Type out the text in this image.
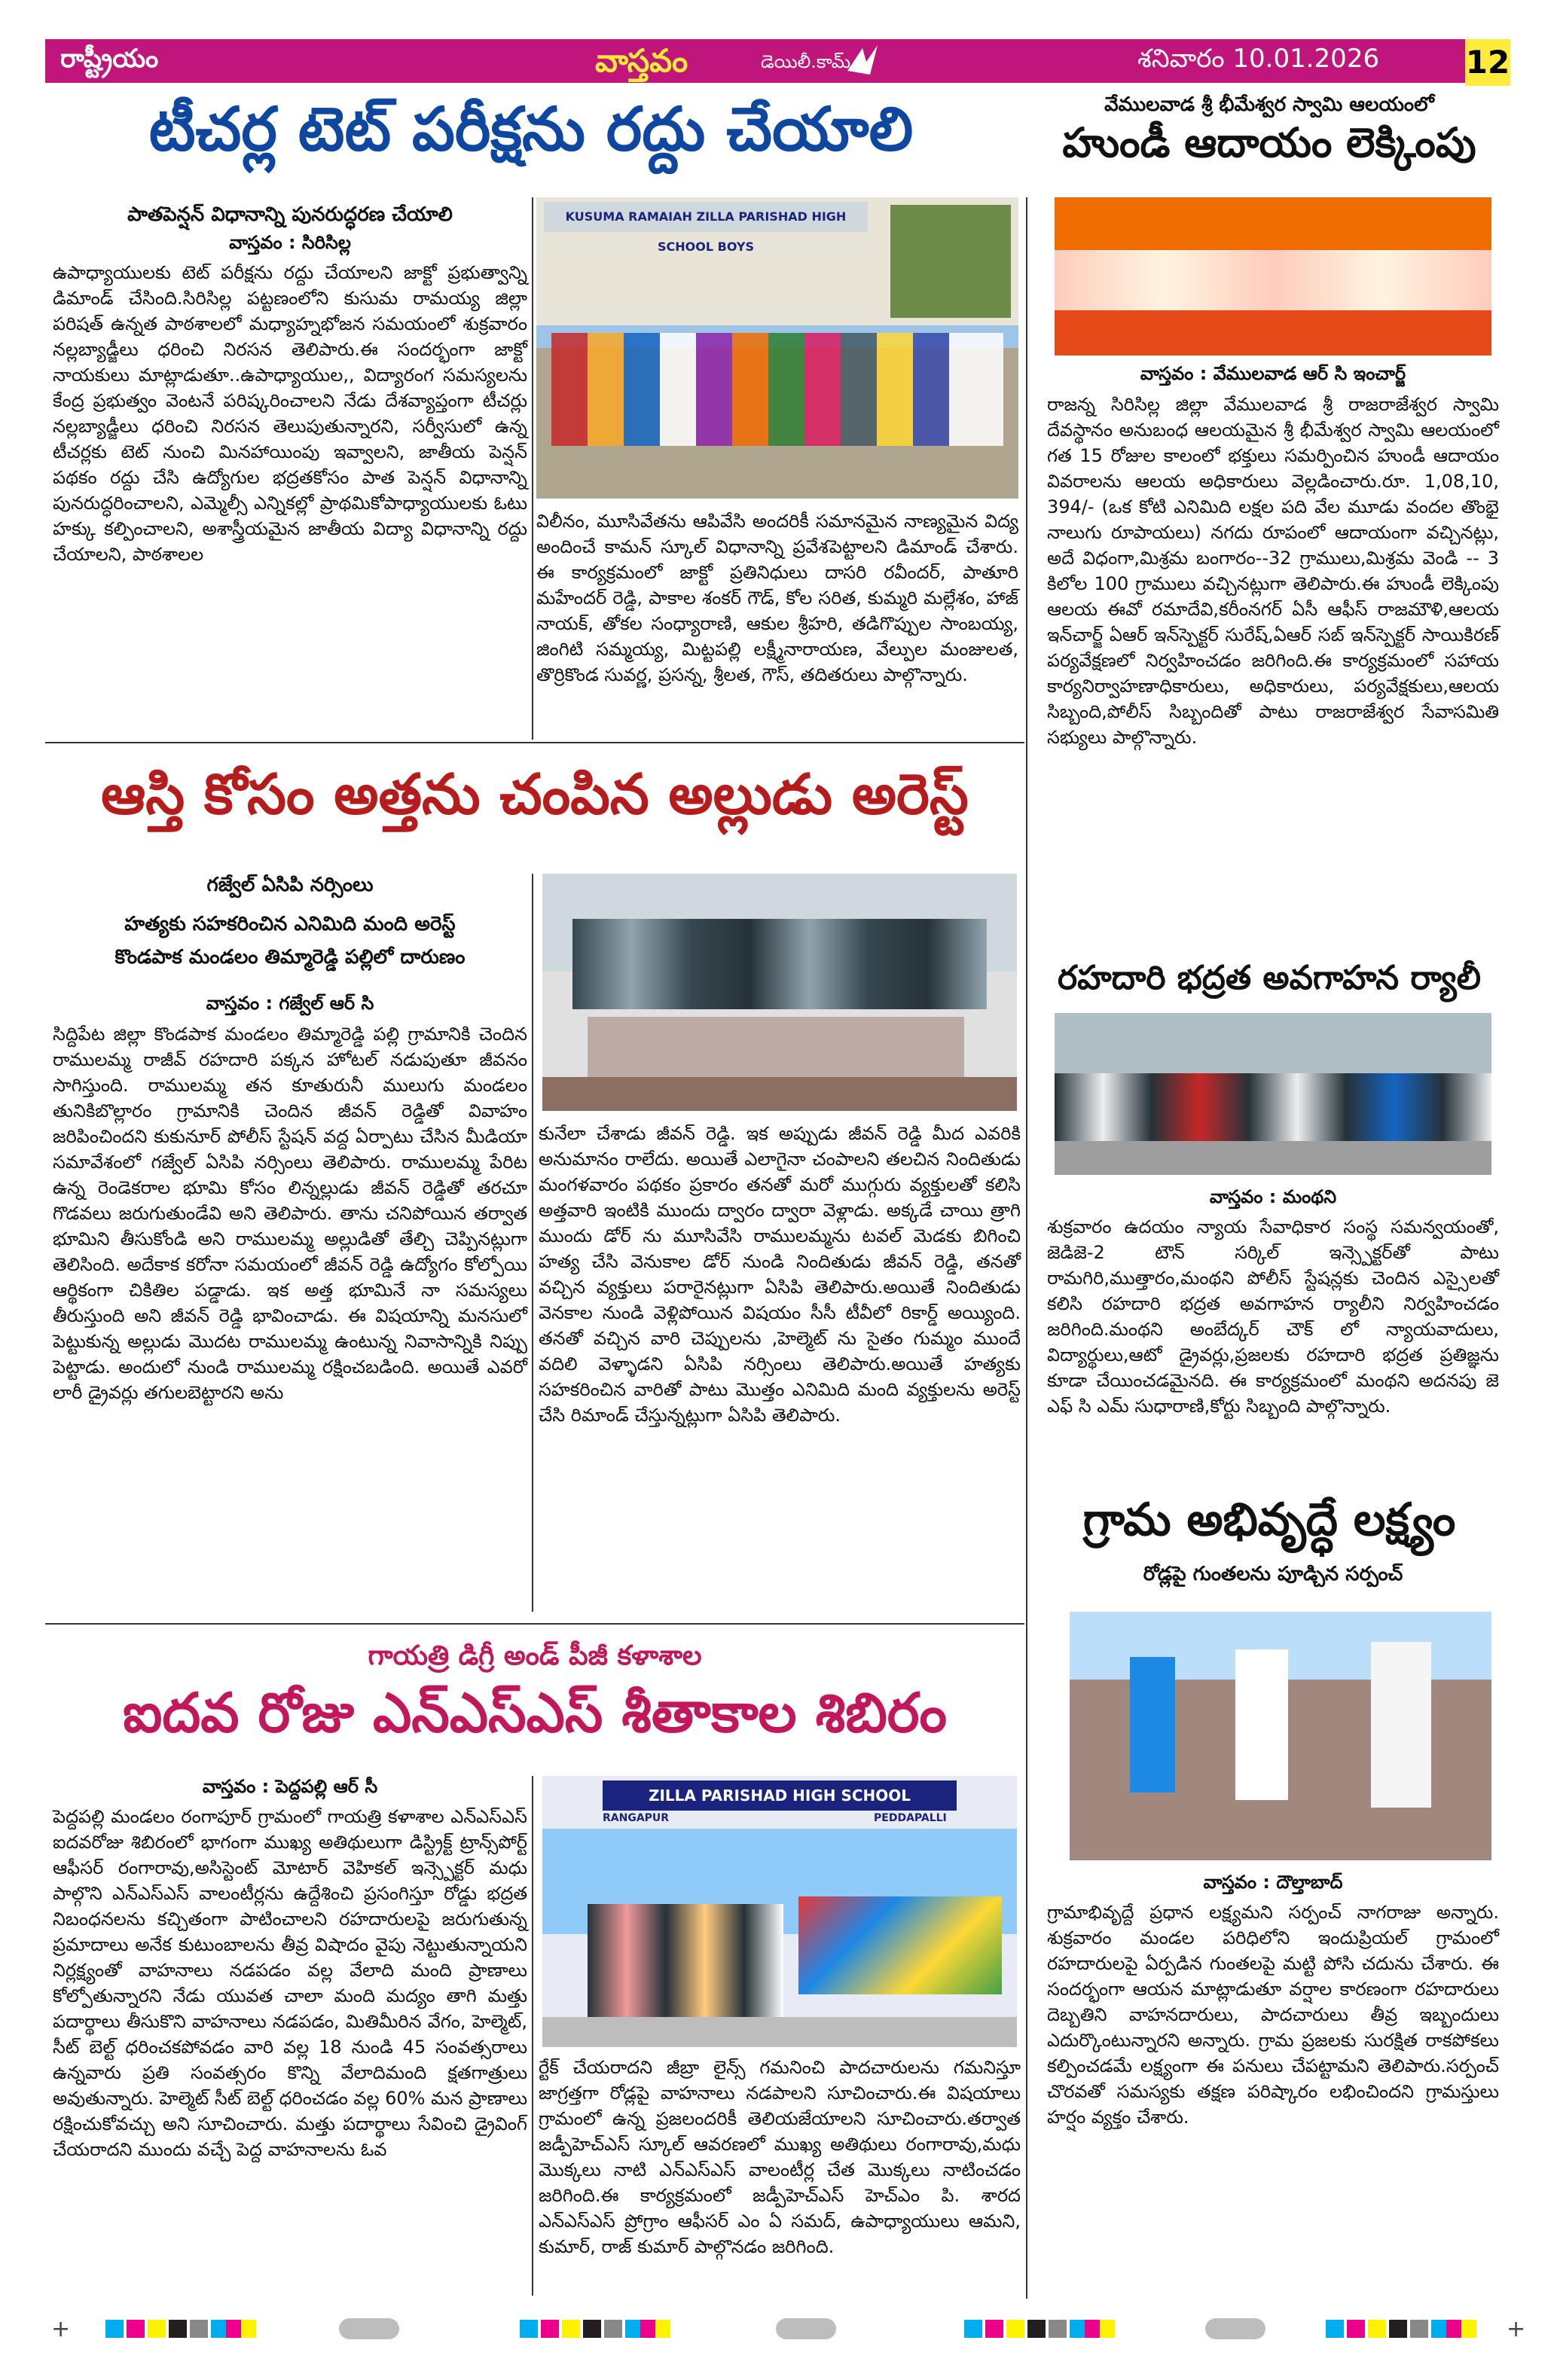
రాష్ట్రీయం	వాస్తవం	డెయిలీ.కామ్	శనివారం 10.01.2026	12
టీచర్ల టెట్ పరీక్షను రద్దు చేయాలి
పాతపెన్షన్ విధానాన్ని పునరుద్ధరణ చేయాలి
వాస్తవం : సిరిసిల్ల
KUSUMA RAMAIAH ZILLA PARISHAD HIGH SCHOOL BOYS

ఉపాధ్యాయులకు టెట్ పరీక్షను రద్దు చేయాలని జాక్టో ప్రభుత్వాన్ని డిమాండ్ చేసింది.సిరిసిల్ల పట్టణంలోని కుసుమ రామయ్య జిల్లా పరిషత్ ఉన్నత పాఠశాలలో మధ్యాహ్నభోజన సమయంలో శుక్రవారం నల్లబ్యాడ్జీలు ధరించి నిరసన తెలిపారు.ఈ సందర్భంగా జాక్టో నాయకులు మాట్లాడుతూ..ఉపాధ్యాయుల,, విద్యారంగ సమస్యలను కేంద్ర ప్రభుత్వం వెంటనే పరిష్కరించాలని నేడు దేశవ్యాప్తంగా టీచర్లు నల్లబ్యాడ్జీలు ధరించి నిరసన తెలుపుతున్నారని, సర్వీసులో ఉన్న టీచర్లకు టెట్ నుంచి మినహాయింపు ఇవ్వాలని, జాతీయ పెన్షన్ పథకం రద్దు చేసి ఉద్యోగుల భద్రతకోసం పాత పెన్షన్ విధానాన్ని పునరుద్ధరించాలని, ఎమ్మెల్సీ ఎన్నికల్లో ప్రాథమికోపాధ్యాయులకు ఓటు హక్కు కల్పించాలని, అశాస్త్రీయమైన జాతీయ విద్యా విధానాన్ని రద్దు చేయాలని, పాఠశాలల

విలీనం, మూసివేతను ఆపివేసి అందరికీ సమానమైన నాణ్యమైన విద్య అందించే కామన్ స్కూల్ విధానాన్ని ప్రవేశపెట్టాలని డిమాండ్ చేశారు. ఈ కార్యక్రమంలో జాక్టో ప్రతినిధులు దాసరి రవీందర్, పాతూరి మహేందర్ రెడ్డి, పాకాల శంకర్ గౌడ్, కోల సరిత, కుమ్మరి మల్లేశం, హాజ్ నాయక్, తోకల సంధ్యారాణి, ఆకుల శ్రీహరి, తడిగొప్పుల సాంబయ్య, జింగిటి సమ్మయ్య, మిట్టపల్లి లక్ష్మీనారాయణ, వేల్పుల మంజులత, తొర్రికొండ సువర్ణ, ప్రసన్న, శ్రీలత, గౌస్, తదితరులు పాల్గొన్నారు.

వేములవాడ శ్రీ భీమేశ్వర స్వామి ఆలయంలో
హుండీ ఆదాయం లెక్కింపు
వాస్తవం : వేములవాడ ఆర్ సి ఇంచార్జ్

రాజన్న సిరిసిల్ల జిల్లా వేములవాడ శ్రీ రాజరాజేశ్వర స్వామి దేవస్థానం అనుబంధ ఆలయమైన శ్రీ భీమేశ్వర స్వామి ఆలయంలో గత 15 రోజుల కాలంలో భక్తులు సమర్పించిన హుండీ ఆదాయం వివరాలను ఆలయ అధికారులు వెల్లడించారు.రూ. 1,08,10, 394/- (ఒక కోటి ఎనిమిది లక్షల పది వేల మూడు వందల తొంభై నాలుగు రూపాయలు) నగదు రూపంలో ఆదాయంగా వచ్చినట్లు, అదే విధంగా,మిశ్రమ బంగారం--32 గ్రాములు,మిశ్రమ వెండి -- 3 కిలోల 100 గ్రాములు వచ్చినట్లుగా తెలిపారు.ఈ హుండీ లెక్కింపు ఆలయ ఈవో రమాదేవి,కరీంనగర్ ఏసీ ఆఫీస్ రాజమౌళి,ఆలయ ఇన్‌చార్జ్ ఏఆర్ ఇన్‌స్పెక్టర్ సురేష్,ఏఆర్ సబ్ ఇన్‌స్పెక్టర్ సాయికిరణ్ పర్యవేక్షణలో నిర్వహించడం జరిగింది.ఈ కార్యక్రమంలో సహాయ కార్యనిర్వాహణాధికారులు, అధికారులు, పర్యవేక్షకులు,ఆలయ సిబ్బంది,పోలీస్ సిబ్బందితో పాటు రాజరాజేశ్వర సేవాసమితి సభ్యులు పాల్గొన్నారు.

రహదారి భద్రత అవగాహన ర్యాలీ
వాస్తవం : మంథని

శుక్రవారం ఉదయం న్యాయ సేవాధికార సంస్థ సమన్వయంతో, జెడిజె-2 టౌన్ సర్కిల్ ఇన్స్పెక్టర్‌తో పాటు రామగిరి,ముత్తారం,మంథని పోలీస్ స్టేషన్లకు చెందిన ఎస్సైలతో కలిసి రహదారి భద్రత అవగాహన ర్యాలీని నిర్వహించడం జరిగింది.మంథని అంబేద్కర్ చౌక్ లో న్యాయవాదులు, విద్యార్థులు,ఆటో డ్రైవర్లు,ప్రజలకు రహదారి భద్రత ప్రతిజ్ఞను కూడా చేయించడమైనది. ఈ కార్యక్రమంలో మంథని అదనపు జె ఎఫ్ సి ఎమ్ సుధారాణి,కోర్టు సిబ్బంది పాల్గొన్నారు.

గ్రామ అభివృద్ధే లక్ష్యం
రోడ్లపై గుంతలను పూడ్చిన సర్పంచ్
వాస్తవం : దౌల్తాబాద్

గ్రామాభివృద్దే ప్రధాన లక్ష్యమని సర్పంచ్ నాగరాజు అన్నారు. శుక్రవారం మండల పరిధిలోని ఇందుప్రియల్ గ్రామంలో రహదారులపై ఏర్పడిన గుంతలపై మట్టి పోసి చదును చేశారు. ఈ సందర్భంగా ఆయన మాట్లాడుతూ వర్షాల కారణంగా రహదారులు దెబ్బతిని వాహనదారులు, పాదచారులు తీవ్ర ఇబ్బందులు ఎదుర్కొంటున్నారని అన్నారు. గ్రామ ప్రజలకు సురక్షిత రాకపోకలు కల్పించడమే లక్ష్యంగా ఈ పనులు చేపట్టామని తెలిపారు.సర్పంచ్ చొరవతో సమస్యకు తక్షణ పరిష్కారం లభించిందని గ్రామస్తులు హర్షం వ్యక్తం చేశారు.

ఆస్తి కోసం అత్తను చంపిన అల్లుడు అరెస్ట్
గజ్వేల్ ఏసిపి నర్సింలు
హత్యకు సహకరించిన ఎనిమిది మంది అరెస్ట్
కొండపాక మండలం తిమ్మారెడ్డి పల్లిలో దారుణం
వాస్తవం : గజ్వేల్ ఆర్ సి

సిద్దిపేట జిల్లా కొండపాక మండలం తిమ్మారెడ్డి పల్లి గ్రామానికి చెందిన రాములమ్మ రాజీవ్ రహదారి పక్కన హోటల్ నడుపుతూ జీవనం సాగిస్తుంది. రాములమ్మ తన కూతురునీ ములుగు మండలం తునికిబొల్లారం గ్రామానికి చెందిన జీవన్ రెడ్డితో వివాహం జరిపించిందని కుకునూర్ పోలీస్ స్టేషన్ వద్ద ఏర్పాటు చేసిన మీడియా సమావేశంలో గజ్వేల్ ఏసిపి నర్సింలు తెలిపారు. రాములమ్మ పేరిట ఉన్న రెండెకరాల భూమి కోసం లిన్నల్లుడు జీవన్ రెడ్డితో తరచూ గొడవలు జరుగుతుండేవి అని తెలిపారు. తాను చనిపోయిన తర్వాత భూమిని తీసుకోండి అని రాములమ్మ అల్లుడితో తేల్చి చెప్పినట్లుగా తెలిసింది. అదేకాక కరోనా సమయంలో జీవన్ రెడ్డి ఉద్యోగం కోల్పోయి ఆర్థికంగా చికితిల పడ్డాడు. ఇక అత్త భూమినే నా సమస్యలు తీరుస్తుంది అని జీవన్ రెడ్డి భావించాడు. ఈ విషయాన్ని మనసులో పెట్టుకున్న అల్లుడు మొదట రాములమ్మ ఉంటున్న నివాసాన్నికి నిప్పు పెట్టాడు. అందులో నుండి రాములమ్మ రక్షించబడింది. అయితే ఎవరో లారీ డ్రైవర్లు తగులబెట్టారని అను

కునేలా చేశాడు జీవన్ రెడ్డి. ఇక అప్పుడు జీవన్ రెడ్డి మీద ఎవరికి అనుమానం రాలేదు. అయితే ఎలాగైనా చంపాలని తలచిన నిందితుడు మంగళవారం పథకం ప్రకారం తనతో మరో ముగ్గురు వ్యక్తులతో కలిసి అత్తవారి ఇంటికి ముందు ద్వారం ద్వారా వెళ్లాడు. అక్కడే చాయి త్రాగి ముందు డోర్ ను మూసివేసి రాములమ్మను టవల్ మెడకు బిగించి హత్య చేసి వెనుకాల డోర్ నుండి నిందితుడు జీవన్ రెడ్డి, తనతో వచ్చిన వ్యక్తులు పరారైనట్లుగా ఏసిపి తెలిపారు.అయితే నిందితుడు వెనకాల నుండి వెళ్లిపోయిన విషయం సీసీ టీవీలో రికార్డ్ అయ్యింది. తనతో వచ్చిన వారి చెప్పులను ,హెల్మెట్ ను సైతం గుమ్మం ముందే వదిలి వెళ్ళాడని ఏసిపి నర్సింలు తెలిపారు.అయితే హత్యకు సహకరించిన వారితో పాటు మొత్తం ఎనిమిది మంది వ్యక్తులను అరెస్ట్ చేసి రిమాండ్ చేస్తున్నట్లుగా ఏసిపి తెలిపారు.

గాయత్రి డిగ్రీ అండ్ పీజీ కళాశాల
ఐదవ రోజు ఎన్ఎస్ఎస్ శీతాకాల శిబిరం
వాస్తవం : పెద్దపల్లి ఆర్ సీ

పెద్దపల్లి మండలం రంగాపూర్ గ్రామంలో గాయత్రి కళాశాల ఎన్ఎస్ఎస్ ఐదవరోజు శిబిరంలో భాగంగా ముఖ్య అతిథులుగా డిస్ట్రిక్ట్ ట్రాన్స్‌పోర్ట్ ఆఫీసర్ రంగారావు,అసిస్టెంట్ మోటార్ వెహికల్ ఇన్స్పెక్టర్ మధు పాల్గొని ఎన్ఎస్ఎస్ వాలంటీర్లను ఉద్దేశించి ప్రసంగిస్తూ రోడ్డు భద్రత నిబంధనలను కచ్చితంగా పాటించాలని రహదారులపై జరుగుతున్న ప్రమాదాలు అనేక కుటుంబాలను తీవ్ర విషాదం వైపు నెట్టుతున్నాయని నిర్లక్ష్యంతో వాహనాలు నడపడం వల్ల వేలాది మంది ప్రాణాలు కోల్పోతున్నారని నేడు యువత చాలా మంది మద్యం తాగి మత్తు పదార్థాలు తీసుకొని వాహనాలు నడపడం, మితిమీరిన వేగం, హెల్మెట్, సీట్ బెల్ట్ ధరించకపోవడం వారి వల్ల 18 నుండి 45 సంవత్సరాలు ఉన్నవారు ప్రతి సంవత్సరం కొన్ని వేలాదిమంది క్షతగాత్రులు అవుతున్నారు. హెల్మెట్ సీట్ బెల్ట్ ధరించడం వల్ల 60% మన ప్రాణాలు రక్షించుకోవచ్చు అని సూచించారు. మత్తు పదార్థాలు సేవించి డ్రైవింగ్ చేయరాదని ముందు వచ్చే పెద్ద వాహనాలను ఓవ

ZILLA PARISHAD HIGH SCHOOL
RANGAPUR	PEDDAPALLI

ర్టేక్ చేయరాదని జీబ్రా లైన్స్ గమనించి పాదచారులను గమనిస్తూ జాగ్రత్తగా రోడ్లపై వాహనాలు నడపాలని సూచించారు.ఈ విషయాలు గ్రామంలో ఉన్న ప్రజలందరికీ తెలియజేయాలని సూచించారు.తర్వాత జడ్పీహెచ్ఎస్ స్కూల్ ఆవరణలో ముఖ్య అతిథులు రంగారావు,మధు మొక్కలు నాటి ఎన్ఎస్ఎస్ వాలంటీర్ల చేత మొక్కలు నాటించడం జరిగింది.ఈ కార్యక్రమంలో జడ్పీహెచ్ఎస్ హెచ్ఎం పి. శారద ఎన్ఎస్ఎస్ ప్రోగ్రాం ఆఫీసర్ ఎం ఏ సమద్, ఉపాధ్యాయులు ఆమని, కుమార్, రాజ్ కుమార్ పాల్గొనడం జరిగింది.

+	+
